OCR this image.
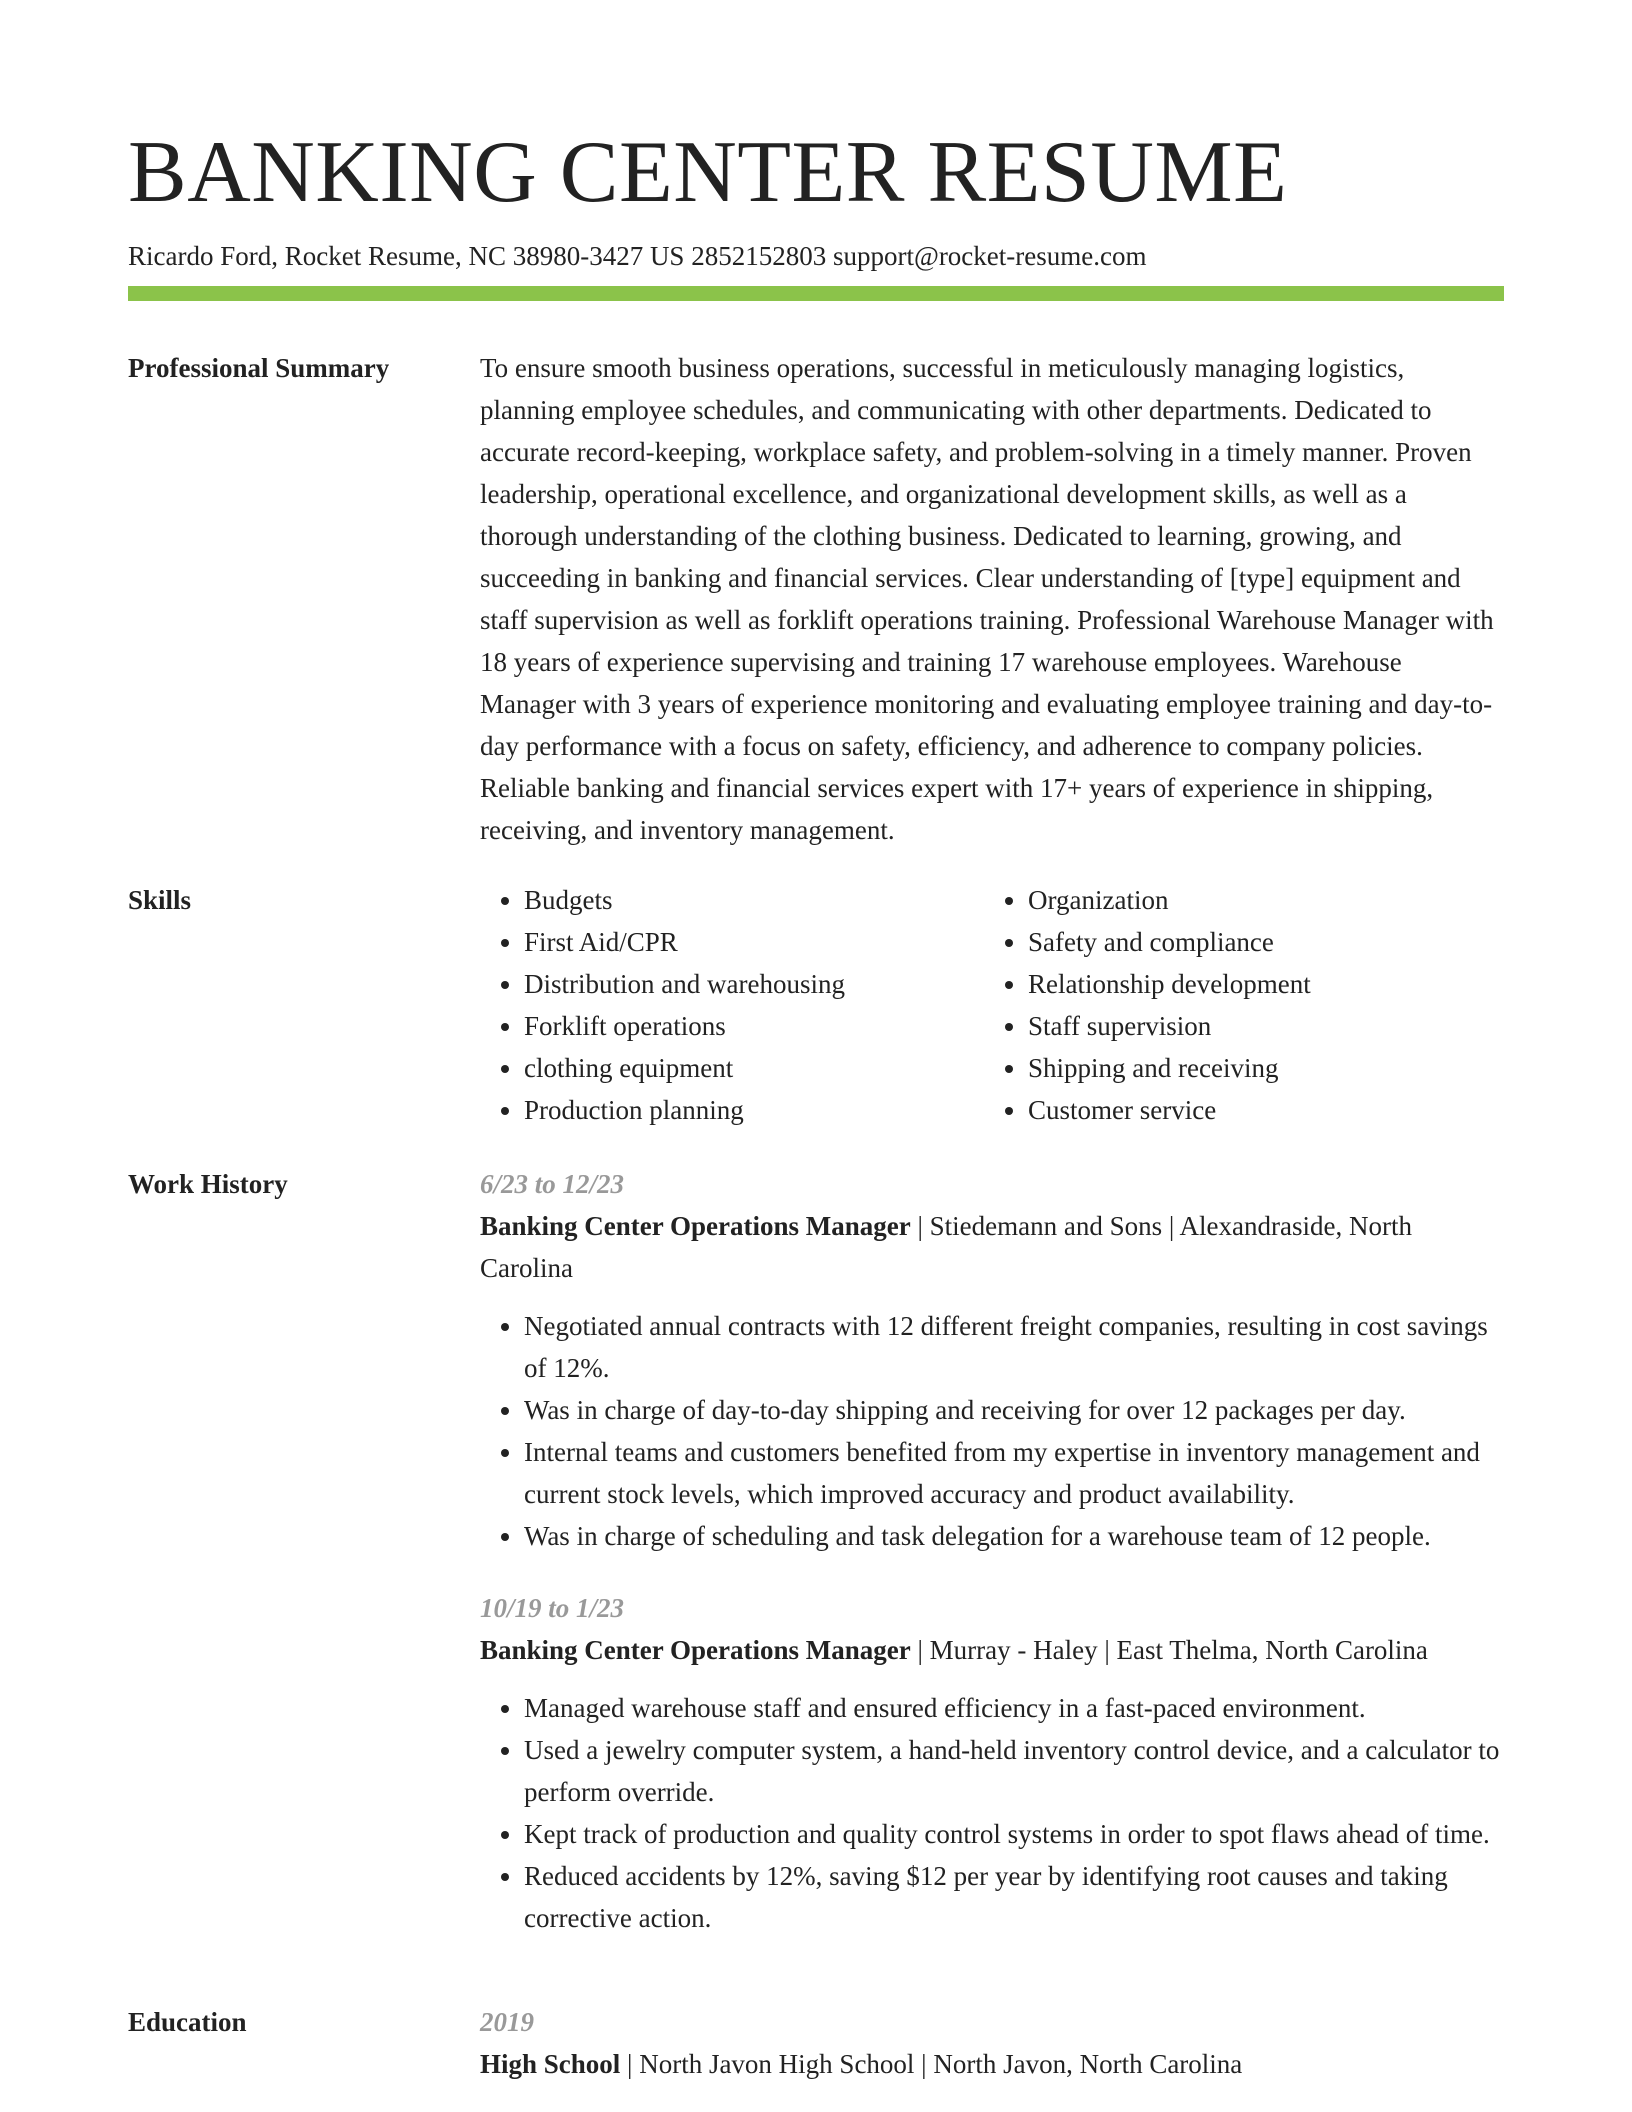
BANKING CENTER RESUME
Ricardo Ford, Rocket Resume, NC 38980-3427 US 2852152803 support@rocket-resume.com
Professional Summary	To ensure smooth business operations, successful in meticulously managing logistics, planning employee schedules, and communicating with other departments. Dedicated to accurate record-keeping, workplace safety, and problem-solving in a timely manner. Proven leadership, operational excellence, and organizational development skills, as well as a thorough understanding of the clothing business. Dedicated to learning, growing, and succeeding in banking and financial services. Clear understanding of [type] equipment and staff supervision as well as forklift operations training. Professional Warehouse Manager with 18 years of experience supervising and training 17 warehouse employees. Warehouse Manager with 3 years of experience monitoring and evaluating employee training and day-to-day performance with a focus on safety, efficiency, and adherence to company policies. Reliable banking and financial services expert with 17+ years of experience in shipping, receiving, and inventory management.

Skills
•	Budgets
• First Aid/CPR
• Distribution and warehousing
• Forklift operations
• clothing equipment
• Production planning
• Organization
• Safety and compliance
• Relationship development
• Staff supervision
• Shipping and receiving
• Customer service
Work History	6/23 to 12/23
Banking Center Operations Manager | Stiedemann and Sons | Alexandraside, North Carolina
• Negotiated annual contracts with 12 different freight companies, resulting in cost savings of 12%.
• Was in charge of day-to-day shipping and receiving for over 12 packages per day.
• Internal teams and customers benefited from my expertise in inventory management and current stock levels, which improved accuracy and product availability.
• Was in charge of scheduling and task delegation for a warehouse team of 12 people.
10/19 to 1/23
Banking Center Operations Manager | Murray - Haley | East Thelma, North Carolina
• Managed warehouse staff and ensured efficiency in a fast-paced environment.
• Used a jewelry computer system, a hand-held inventory control device, and a calculator to perform override.
• Kept track of production and quality control systems in order to spot flaws ahead of time.
• Reduced accidents by 12%, saving $12 per year by identifying root causes and taking corrective action.
Education	2019
High School | North Javon High School | North Javon, North Carolina
